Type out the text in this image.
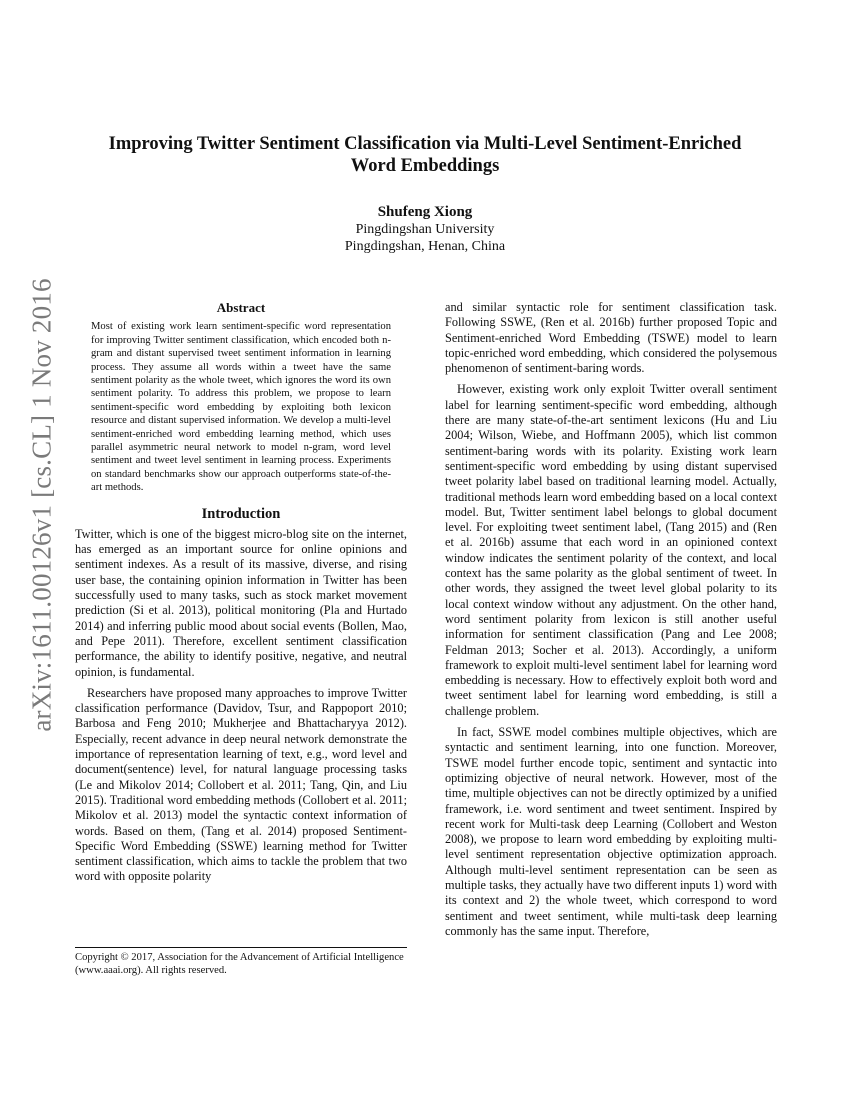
arXiv:1611.00126v1 [cs.CL] 1 Nov 2016
Improving Twitter Sentiment Classification via Multi-Level Sentiment-Enriched
Word Embeddings
Shufeng Xiong
Pingdingshan University
Pingdingshan, Henan, China
Abstract
Most of existing work learn sentiment-specific word representation for improving Twitter sentiment classification, which encoded both n-gram and distant supervised tweet sentiment information in learning process. They assume all words within a tweet have the same sentiment polarity as the whole tweet, which ignores the word its own sentiment polarity. To address this problem, we propose to learn sentiment-specific word embedding by exploiting both lexicon resource and distant supervised information. We develop a multi-level sentiment-enriched word embedding learning method, which uses parallel asymmetric neural network to model n-gram, word level sentiment and tweet level sentiment in learning process. Experiments on standard benchmarks show our approach outperforms state-of-the-art methods.
Introduction

Twitter, which is one of the biggest micro-blog site on the internet, has emerged as an important source for online opinions and sentiment indexes. As a result of its massive, diverse, and rising user base, the containing opinion information in Twitter has been successfully used to many tasks, such as stock market movement prediction (Si et al. 2013), political monitoring (Pla and Hurtado 2014) and inferring public mood about social events (Bollen, Mao, and Pepe 2011). Therefore, excellent sentiment classification performance, the ability to identify positive, negative, and neutral opinion, is fundamental.

Researchers have proposed many approaches to improve Twitter classification performance (Davidov, Tsur, and Rappoport 2010; Barbosa and Feng 2010; Mukherjee and Bhattacharyya 2012). Especially, recent advance in deep neural network demonstrate the importance of representation learning of text, e.g., word level and document(sentence) level, for natural language processing tasks (Le and Mikolov 2014; Collobert et al. 2011; Tang, Qin, and Liu 2015). Traditional word embedding methods (Collobert et al. 2011; Mikolov et al. 2013) model the syntactic context information of words. Based on them, (Tang et al. 2014) proposed Sentiment-Specific Word Embedding (SSWE) learning method for Twitter sentiment classification, which aims to tackle the problem that two word with opposite polarity

Copyright © 2017, Association for the Advancement of Artificial Intelligence (www.aaai.org). All rights reserved.

and similar syntactic role for sentiment classification task. Following SSWE, (Ren et al. 2016b) further proposed Topic and Sentiment-enriched Word Embedding (TSWE) model to learn topic-enriched word embedding, which considered the polysemous phenomenon of sentiment-baring words.

However, existing work only exploit Twitter overall sentiment label for learning sentiment-specific word embedding, although there are many state-of-the-art sentiment lexicons (Hu and Liu 2004; Wilson, Wiebe, and Hoffmann 2005), which list common sentiment-baring words with its polarity. Existing work learn sentiment-specific word embedding by using distant supervised tweet polarity label based on traditional learning model. Actually, traditional methods learn word embedding based on a local context model. But, Twitter sentiment label belongs to global document level. For exploiting tweet sentiment label, (Tang 2015) and (Ren et al. 2016b) assume that each word in an opinioned context window indicates the sentiment polarity of the context, and local context has the same polarity as the global sentiment of tweet. In other words, they assigned the tweet level global polarity to its local context window without any adjustment. On the other hand, word sentiment polarity from lexicon is still another useful information for sentiment classification (Pang and Lee 2008; Feldman 2013; Socher et al. 2013). Accordingly, a uniform framework to exploit multi-level sentiment label for learning word embedding is necessary. How to effectively exploit both word and tweet sentiment label for learning word embedding, is still a challenge problem.

In fact, SSWE model combines multiple objectives, which are syntactic and sentiment learning, into one function. Moreover, TSWE model further encode topic, sentiment and syntactic into optimizing objective of neural network. However, most of the time, multiple objectives can not be directly optimized by a unified framework, i.e. word sentiment and tweet sentiment. Inspired by recent work for Multi-task deep Learning (Collobert and Weston 2008), we propose to learn word embedding by exploiting multi-level sentiment representation objective optimization approach. Although multi-level sentiment representation can be seen as multiple tasks, they actually have two different inputs 1) word with its context and 2) the whole tweet, which correspond to word sentiment and tweet sentiment, while multi-task deep learning commonly has the same input. Therefore,
